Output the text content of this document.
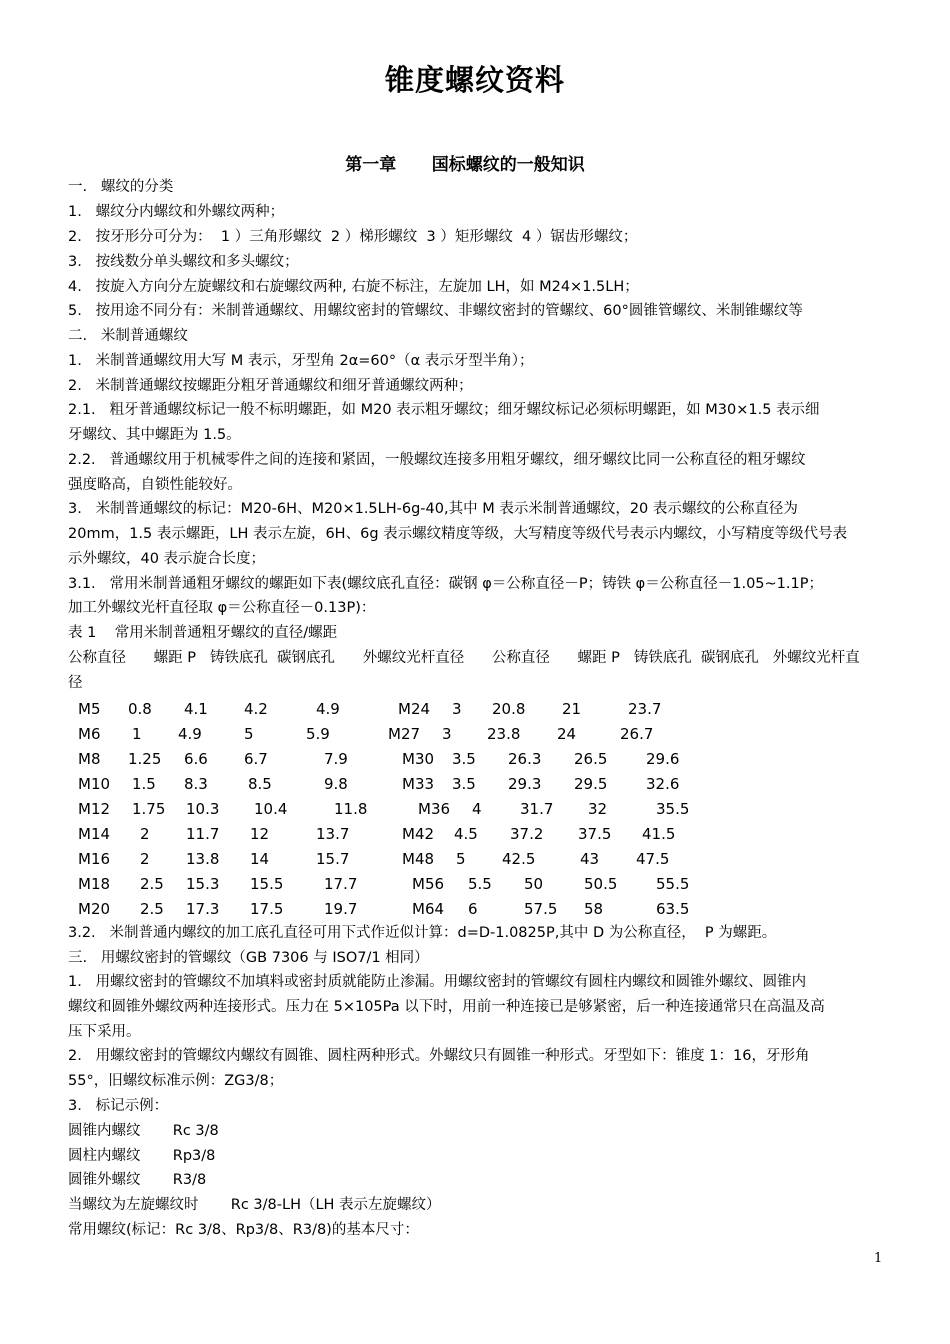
锥度螺纹资料
第一章      国标螺纹的一般知识
一.   螺纹的分类
1.   螺纹分内螺纹和外螺纹两种；
2.   按牙形分可分为：  1 ）三角形螺纹  2 ）梯形螺纹  3 ）矩形螺纹  4 ）锯齿形螺纹；
3.   按线数分单头螺纹和多头螺纹；
4.   按旋入方向分左旋螺纹和右旋螺纹两种, 右旋不标注，左旋加 LH，如 M24×1.5LH；
5.   按用途不同分有：米制普通螺纹、用螺纹密封的管螺纹、非螺纹密封的管螺纹、60°圆锥管螺纹、米制锥螺纹等
二.   米制普通螺纹
1.   米制普通螺纹用大写 M 表示，牙型角 2α=60°（α 表示牙型半角）；
2.   米制普通螺纹按螺距分粗牙普通螺纹和细牙普通螺纹两种；
2.1.   粗牙普通螺纹标记一般不标明螺距，如 M20 表示粗牙螺纹；细牙螺纹标记必须标明螺距，如 M30×1.5 表示细
牙螺纹、其中螺距为 1.5。
2.2.   普通螺纹用于机械零件之间的连接和紧固，一般螺纹连接多用粗牙螺纹，细牙螺纹比同一公称直径的粗牙螺纹
强度略高，自锁性能较好。
3.   米制普通螺纹的标记：M20-6H、M20×1.5LH-6g-40,其中 M 表示米制普通螺纹，20 表示螺纹的公称直径为
20mm，1.5 表示螺距，LH 表示左旋，6H、6g 表示螺纹精度等级，大写精度等级代号表示内螺纹，小写精度等级代号表
示外螺纹，40 表示旋合长度；
3.1.   常用米制普通粗牙螺纹的螺距如下表(螺纹底孔直径：碳钢 φ＝公称直径－P；铸铁 φ＝公称直径－1.05~1.1P；
加工外螺纹光杆直径取 φ＝公称直径－0.13P)：
表 1    常用米制普通粗牙螺纹的直径/螺距
公称直径      螺距 P   铸铁底孔  碳钢底孔      外螺纹光杆直径      公称直径      螺距 P   铸铁底孔  碳钢底孔   外螺纹光杆直
径
M5 0.8 4.1 4.2	4.9	M24 3 20.8 21	23.7
M6 1 4.9	5	5.9	M27 3 23.8 24	26.7
M8 1.25 6.6 6.7	7.9	M30 3.5 26.3 26.5	29.6
M10 1.5 8.3	8.5	9.8	M33 3.5 29.3 29.5	32.6
M12 1.75 10.3 10.4	11.8	M36 4	31.7 32	35.5
M14 2 11.7 12	13.7	M42 4.5 37.2 37.5 41.5
M16 2 13.8 14	15.7	M48 5 42.5	43 47.5
M18 2.5 15.3 15.5	17.7	M56 5.5 50	50.5	55.5
M20 2.5 17.3 17.5	19.7	M64 6	57.5 58	63.5
3.2.   米制普通内螺纹的加工底孔直径可用下式作近似计算：d=D-1.0825P,其中 D 为公称直径，  P 为螺距。
三.   用螺纹密封的管螺纹（GB 7306 与 ISO7/1 相同）
1.   用螺纹密封的管螺纹不加填料或密封质就能防止渗漏。用螺纹密封的管螺纹有圆柱内螺纹和圆锥外螺纹、圆锥内
螺纹和圆锥外螺纹两种连接形式。压力在 5×105Pa 以下时，用前一种连接已是够紧密，后一种连接通常只在高温及高
压下采用。
2.   用螺纹密封的管螺纹内螺纹有圆锥、圆柱两种形式。外螺纹只有圆锥一种形式。牙型如下：锥度 1：16，牙形角
55°，旧螺纹标准示例：ZG3/8；
3.   标记示例：
圆锥内螺纹       Rc 3/8
圆柱内螺纹       Rp3/8
圆锥外螺纹       R3/8
当螺纹为左旋螺纹时       Rc 3/8-LH（LH 表示左旋螺纹）
常用螺纹(标记：Rc 3/8、Rp3/8、R3/8)的基本尺寸：
1
